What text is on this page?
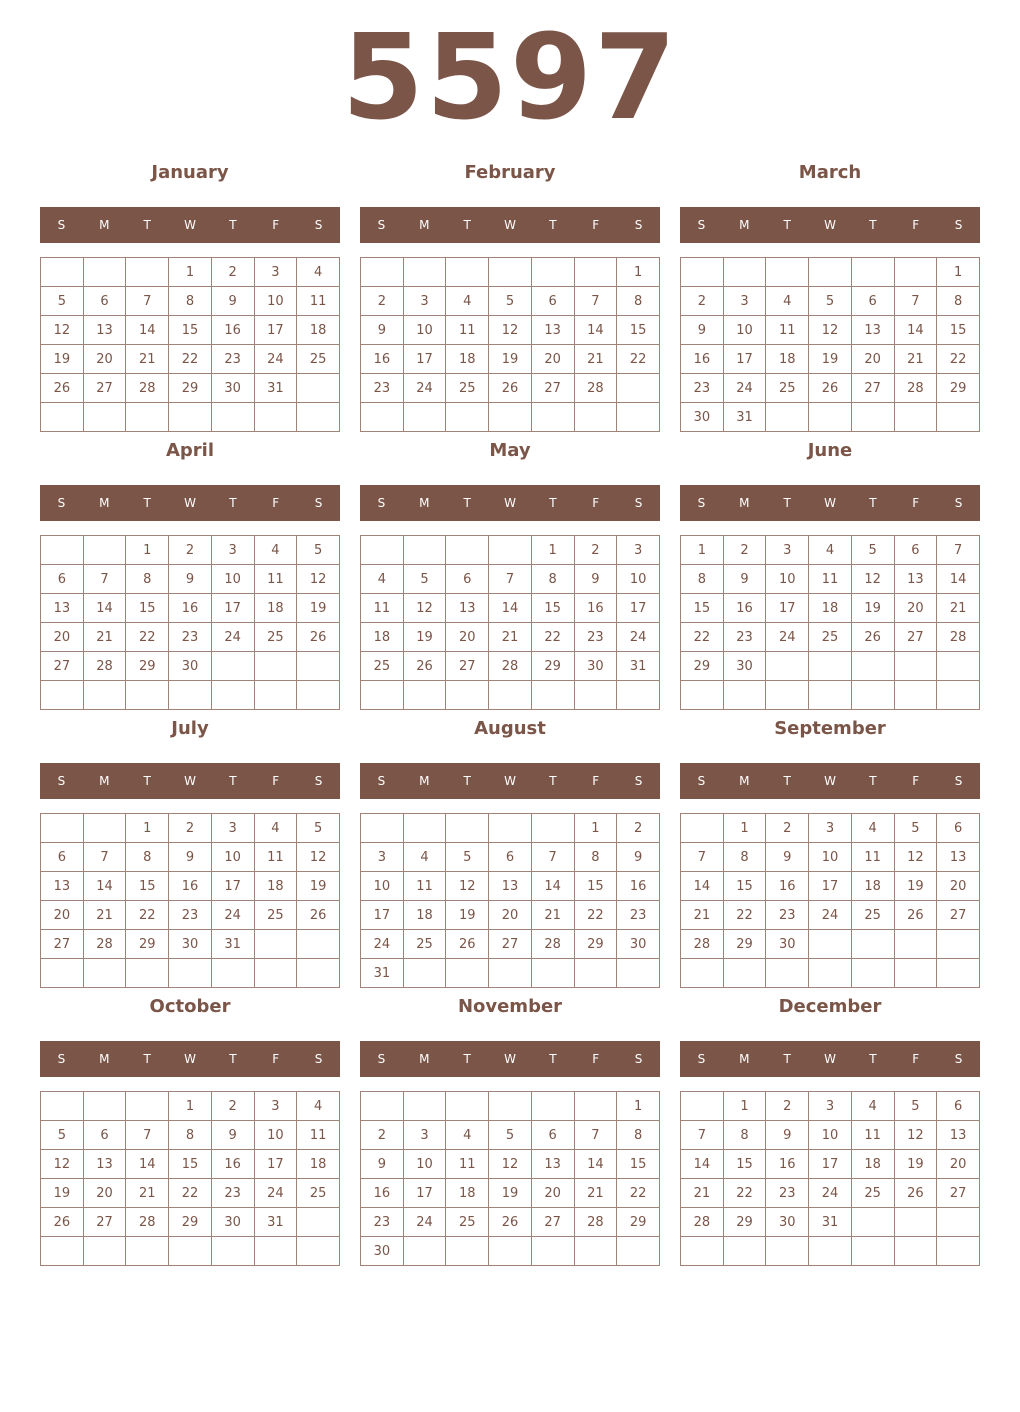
5597
January
S	M	T	W	T	F	S
			1	2	3	4
5	6	7	8	9	10	11
12	13	14	15	16	17	18
19	20	21	22	23	24	25
26	27	28	29	30	31	

February
S	M	T	W	T	F	S
						1
2	3	4	5	6	7	8
9	10	11	12	13	14	15
16	17	18	19	20	21	22
23	24	25	26	27	28	

March
S	M	T	W	T	F	S
						1
2	3	4	5	6	7	8
9	10	11	12	13	14	15
16	17	18	19	20	21	22
23	24	25	26	27	28	29
30	31					
April
S	M	T	W	T	F	S
		1	2	3	4	5
6	7	8	9	10	11	12
13	14	15	16	17	18	19
20	21	22	23	24	25	26
27	28	29	30			

May
S	M	T	W	T	F	S
				1	2	3
4	5	6	7	8	9	10
11	12	13	14	15	16	17
18	19	20	21	22	23	24
25	26	27	28	29	30	31

June
S	M	T	W	T	F	S
1	2	3	4	5	6	7
8	9	10	11	12	13	14
15	16	17	18	19	20	21
22	23	24	25	26	27	28
29	30					

July
S	M	T	W	T	F	S
		1	2	3	4	5
6	7	8	9	10	11	12
13	14	15	16	17	18	19
20	21	22	23	24	25	26
27	28	29	30	31		

August
S	M	T	W	T	F	S
					1	2
3	4	5	6	7	8	9
10	11	12	13	14	15	16
17	18	19	20	21	22	23
24	25	26	27	28	29	30
31						
September
S	M	T	W	T	F	S
	1	2	3	4	5	6
7	8	9	10	11	12	13
14	15	16	17	18	19	20
21	22	23	24	25	26	27
28	29	30				

October
S	M	T	W	T	F	S
			1	2	3	4
5	6	7	8	9	10	11
12	13	14	15	16	17	18
19	20	21	22	23	24	25
26	27	28	29	30	31	

November
S	M	T	W	T	F	S
						1
2	3	4	5	6	7	8
9	10	11	12	13	14	15
16	17	18	19	20	21	22
23	24	25	26	27	28	29
30						
December
S	M	T	W	T	F	S
	1	2	3	4	5	6
7	8	9	10	11	12	13
14	15	16	17	18	19	20
21	22	23	24	25	26	27
28	29	30	31			
